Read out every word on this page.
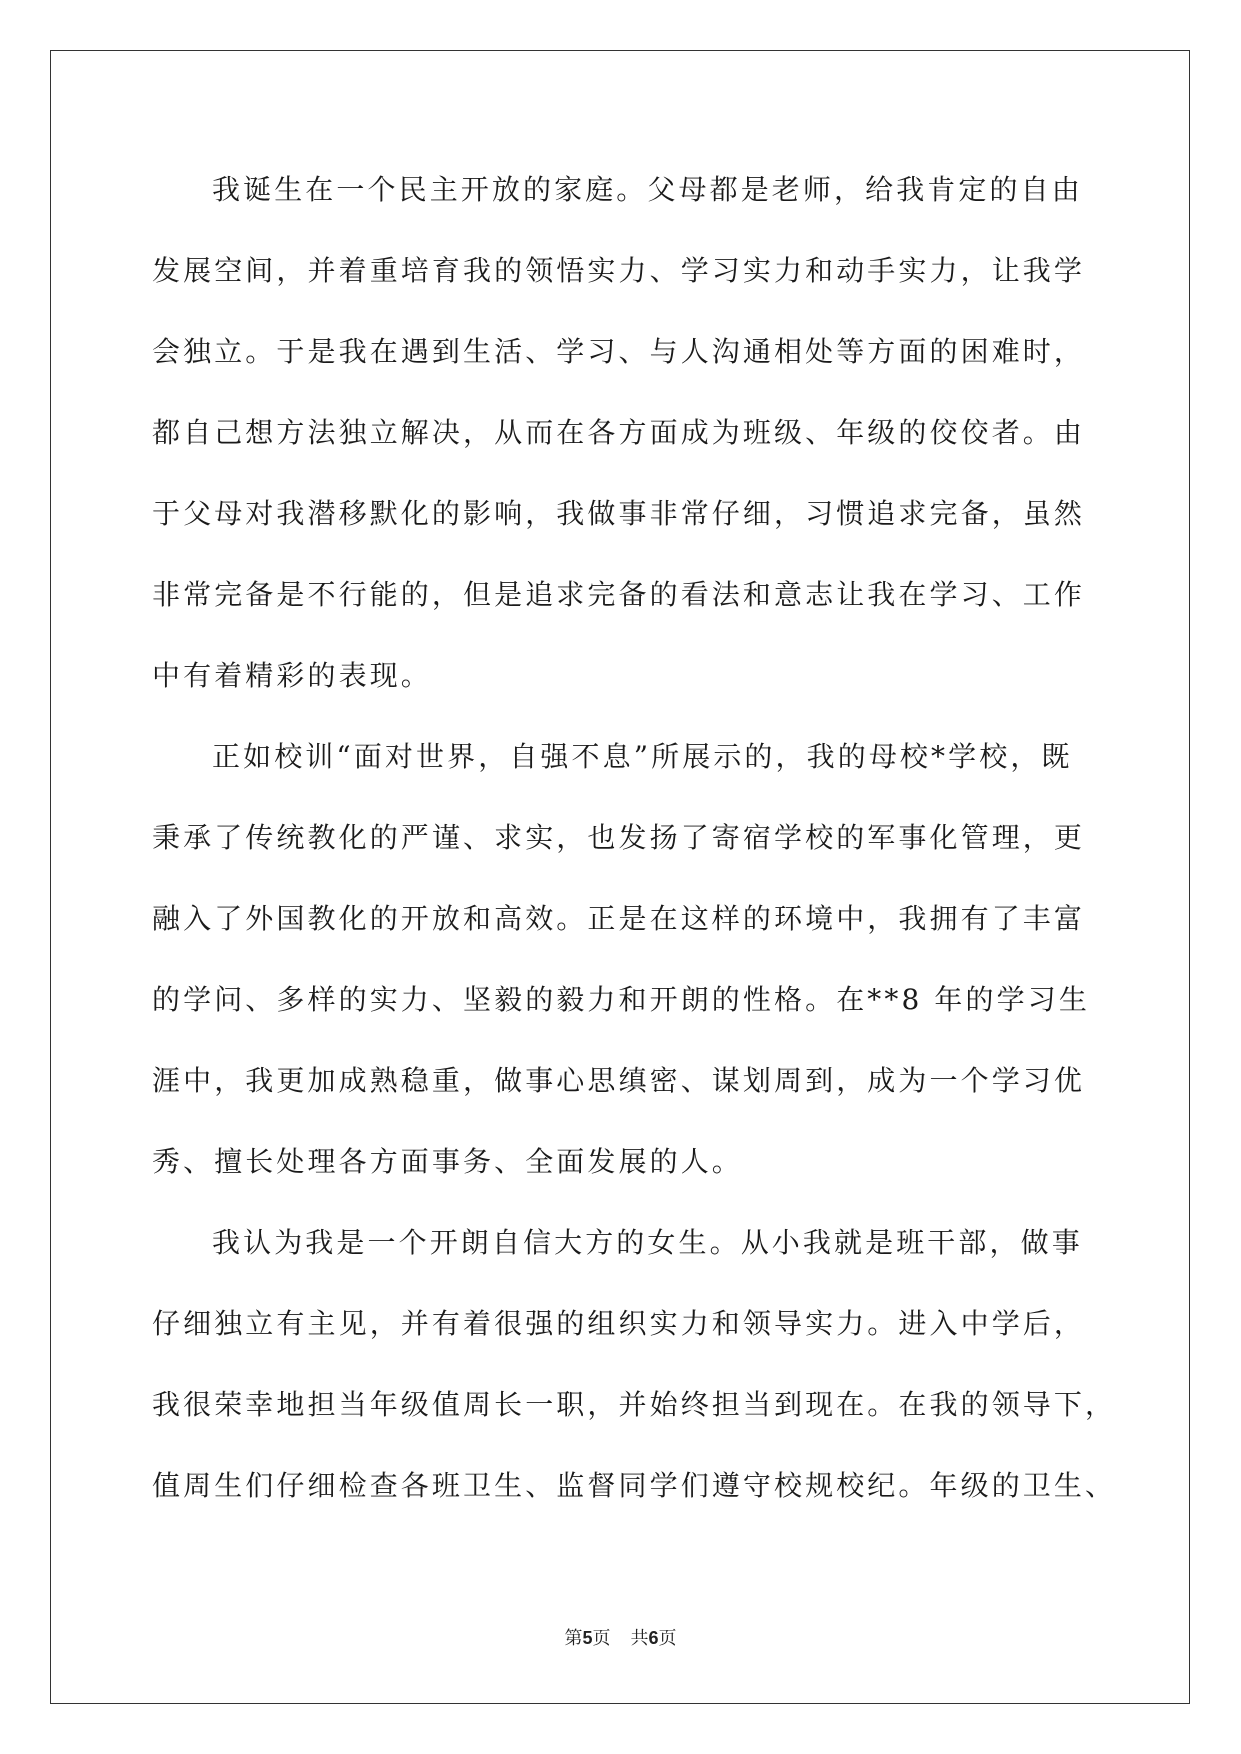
我诞生在一个民主开放的家庭。父母都是老师，给我肯定的自由
发展空间，并着重培育我的领悟实力、学习实力和动手实力，让我学
会独立。于是我在遇到生活、学习、与人沟通相处等方面的困难时，
都自己想方法独立解决，从而在各方面成为班级、年级的佼佼者。由
于父母对我潜移默化的影响，我做事非常仔细，习惯追求完备，虽然
非常完备是不行能的，但是追求完备的看法和意志让我在学习、工作
中有着精彩的表现。
正如校训“面对世界，自强不息”所展示的，我的母校*学校，既
秉承了传统教化的严谨、求实，也发扬了寄宿学校的军事化管理，更
融入了外国教化的开放和高效。正是在这样的环境中，我拥有了丰富
的学问、多样的实力、坚毅的毅力和开朗的性格。在**8 年的学习生
涯中，我更加成熟稳重，做事心思缜密、谋划周到，成为一个学习优
秀、擅长处理各方面事务、全面发展的人。
我认为我是一个开朗自信大方的女生。从小我就是班干部，做事
仔细独立有主见，并有着很强的组织实力和领导实力。进入中学后，
我很荣幸地担当年级值周长一职，并始终担当到现在。在我的领导下，
值周生们仔细检查各班卫生、监督同学们遵守校规校纪。年级的卫生、
第5页 共6页
